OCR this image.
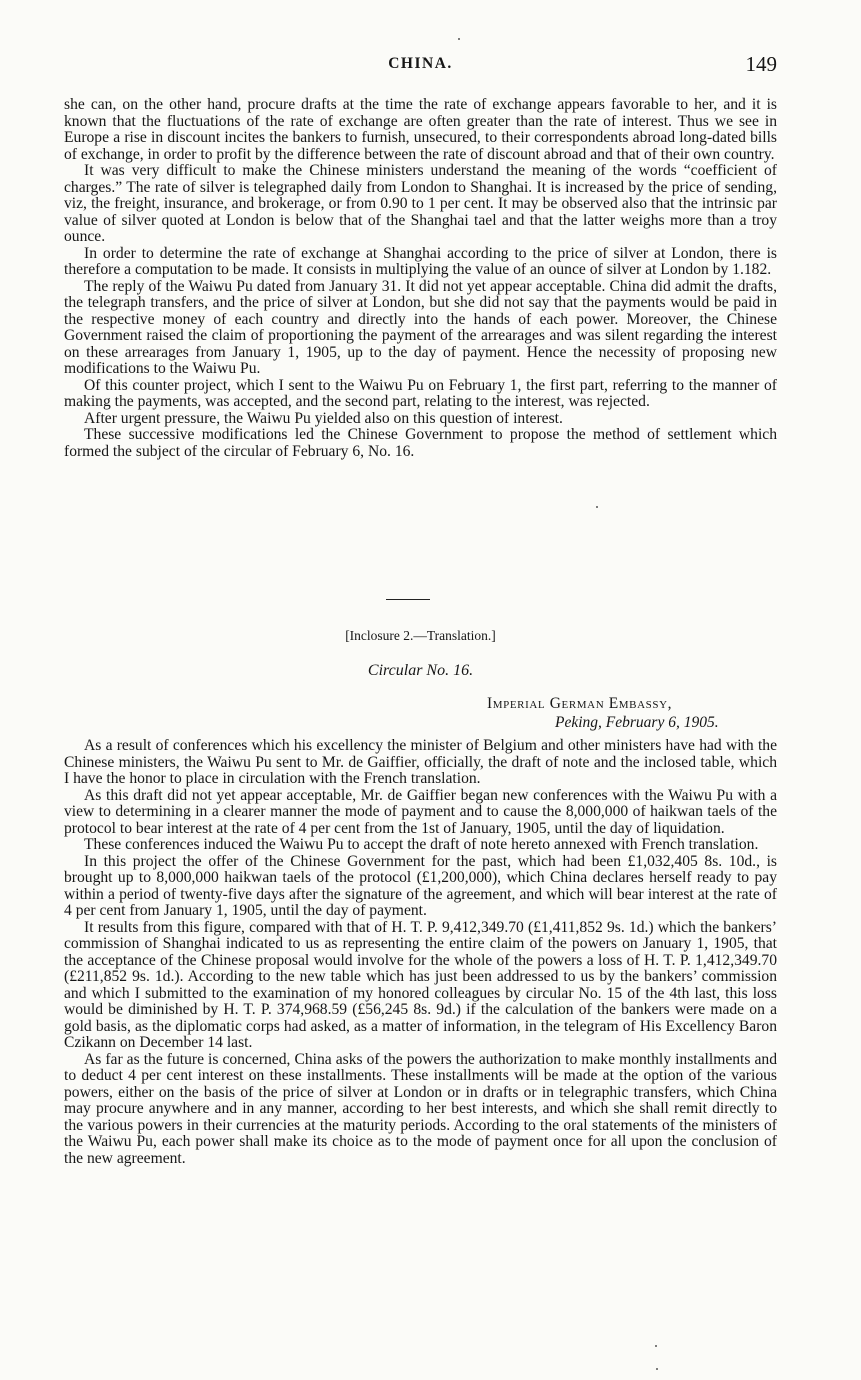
CHINA.	149

she can, on the other hand, procure drafts at the time the rate of exchange appears favorable to her, and it is known that the fluctuations of the rate of exchange are often greater than the rate of interest. Thus we see in Europe a rise in discount incites the bankers to furnish, unsecured, to their correspondents abroad long-dated bills of exchange, in order to profit by the difference between the rate of discount abroad and that of their own country.

It was very difficult to make the Chinese ministers understand the meaning of the words “coefficient of charges.” The rate of silver is telegraphed daily from London to Shanghai. It is increased by the price of sending, viz, the freight, insurance, and brokerage, or from 0.90 to 1 per cent. It may be observed also that the intrinsic par value of silver quoted at London is below that of the Shanghai tael and that the latter weighs more than a troy ounce.

In order to determine the rate of exchange at Shanghai according to the price of silver at London, there is therefore a computation to be made. It consists in multiplying the value of an ounce of silver at London by 1.182.

The reply of the Waiwu Pu dated from January 31. It did not yet appear acceptable. China did admit the drafts, the telegraph transfers, and the price of silver at London, but she did not say that the payments would be paid in the respective money of each country and directly into the hands of each power. Moreover, the Chinese Government raised the claim of proportioning the payment of the arrearages and was silent regarding the interest on these arrearages from January 1, 1905, up to the day of payment. Hence the necessity of proposing new modifications to the Waiwu Pu.

Of this counter project, which I sent to the Waiwu Pu on February 1, the first part, referring to the manner of making the payments, was accepted, and the second part, relating to the interest, was rejected.

After urgent pressure, the Waiwu Pu yielded also on this question of interest.

These successive modifications led the Chinese Government to propose the method of settlement which formed the subject of the circular of February 6, No. 16.

[Inclosure 2.—Translation.]
Circular No. 16.
Imperial German Embassy,
Peking, February 6, 1905.

As a result of conferences which his excellency the minister of Belgium and other ministers have had with the Chinese ministers, the Waiwu Pu sent to Mr. de Gaiffier, officially, the draft of note and the inclosed table, which I have the honor to place in circulation with the French translation.

As this draft did not yet appear acceptable, Mr. de Gaiffier began new conferences with the Waiwu Pu with a view to determining in a clearer manner the mode of payment and to cause the 8,000,000 of haikwan taels of the protocol to bear interest at the rate of 4 per cent from the 1st of January, 1905, until the day of liquidation.

These conferences induced the Waiwu Pu to accept the draft of note hereto annexed with French translation.

In this project the offer of the Chinese Government for the past, which had been £1,032,405 8s. 10d., is brought up to 8,000,000 haikwan taels of the protocol (£1,200,000), which China declares herself ready to pay within a period of twenty-five days after the signature of the agreement, and which will bear interest at the rate of 4 per cent from January 1, 1905, until the day of payment.

It results from this figure, compared with that of H. T. P. 9,412,349.70 (£1,411,852 9s. 1d.) which the bankers’ commission of Shanghai indicated to us as representing the entire claim of the powers on January 1, 1905, that the acceptance of the Chinese proposal would involve for the whole of the powers a loss of H. T. P. 1,412,349.70 (£211,852 9s. 1d.). According to the new table which has just been addressed to us by the bankers’ commission and which I submitted to the examination of my honored colleagues by circular No. 15 of the 4th last, this loss would be diminished by H. T. P. 374,968.59 (£56,245 8s. 9d.) if the calculation of the bankers were made on a gold basis, as the diplomatic corps had asked, as a matter of information, in the telegram of His Excellency Baron Czikann on December 14 last.

As far as the future is concerned, China asks of the powers the authorization to make monthly installments and to deduct 4 per cent interest on these installments. These installments will be made at the option of the various powers, either on the basis of the price of silver at London or in drafts or in telegraphic transfers, which China may procure anywhere and in any manner, according to her best interests, and which she shall remit directly to the various powers in their currencies at the maturity periods. According to the oral statements of the ministers of the Waiwu Pu, each power shall make its choice as to the mode of payment once for all upon the conclusion of the new agreement.
